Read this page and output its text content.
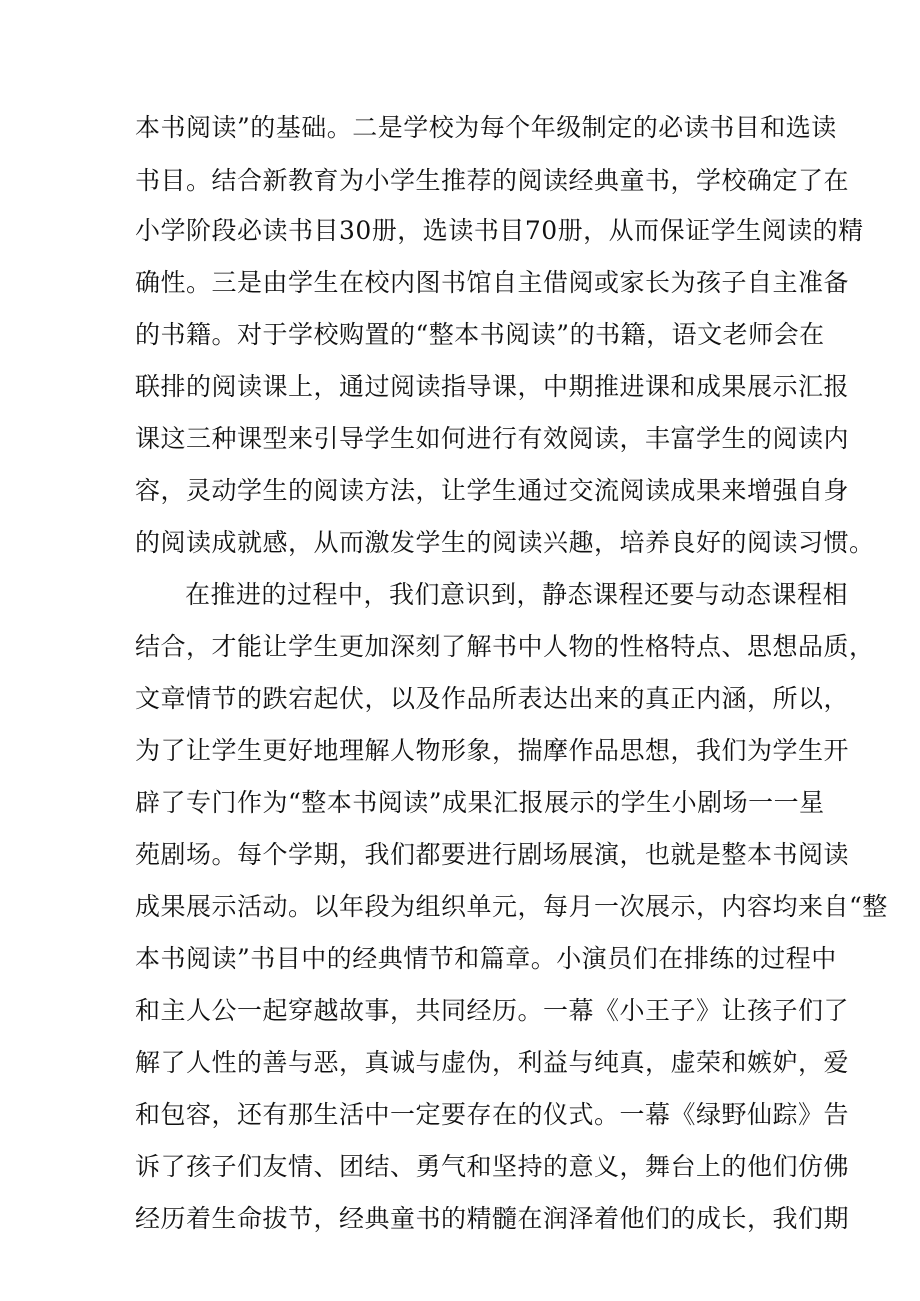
本书阅读”的基础。二是学校为每个年级制定的必读书目和选读

书目。结合新教育为小学生推荐的阅读经典童书，学校确定了在

小学阶段必读书目30册，选读书目70册，从而保证学生阅读的精

确性。三是由学生在校内图书馆自主借阅或家长为孩子自主准备

的书籍。对于学校购置的“整本书阅读”的书籍，语文老师会在

联排的阅读课上，通过阅读指导课，中期推进课和成果展示汇报

课这三种课型来引导学生如何进行有效阅读，丰富学生的阅读内

容，灵动学生的阅读方法，让学生通过交流阅读成果来增强自身

的阅读成就感，从而激发学生的阅读兴趣，培养良好的阅读习惯。

在推进的过程中，我们意识到，静态课程还要与动态课程相

结合，才能让学生更加深刻了解书中人物的性格特点、思想品质，

文章情节的跌宕起伏，以及作品所表达出来的真正内涵，所以，

为了让学生更好地理解人物形象，揣摩作品思想，我们为学生开

辟了专门作为“整本书阅读”成果汇报展示的学生小剧场一一星

苑剧场。每个学期，我们都要进行剧场展演，也就是整本书阅读

成果展示活动。以年段为组织单元，每月一次展示，内容均来自“整

本书阅读”书目中的经典情节和篇章。小演员们在排练的过程中

和主人公一起穿越故事，共同经历。一幕《小王子》让孩子们了

解了人性的善与恶，真诚与虚伪，利益与纯真，虚荣和嫉妒，爱

和包容，还有那生活中一定要存在的仪式。一幕《绿野仙踪》告

诉了孩子们友情、团结、勇气和坚持的意义，舞台上的他们仿佛

经历着生命拔节，经典童书的精髓在润泽着他们的成长，我们期
